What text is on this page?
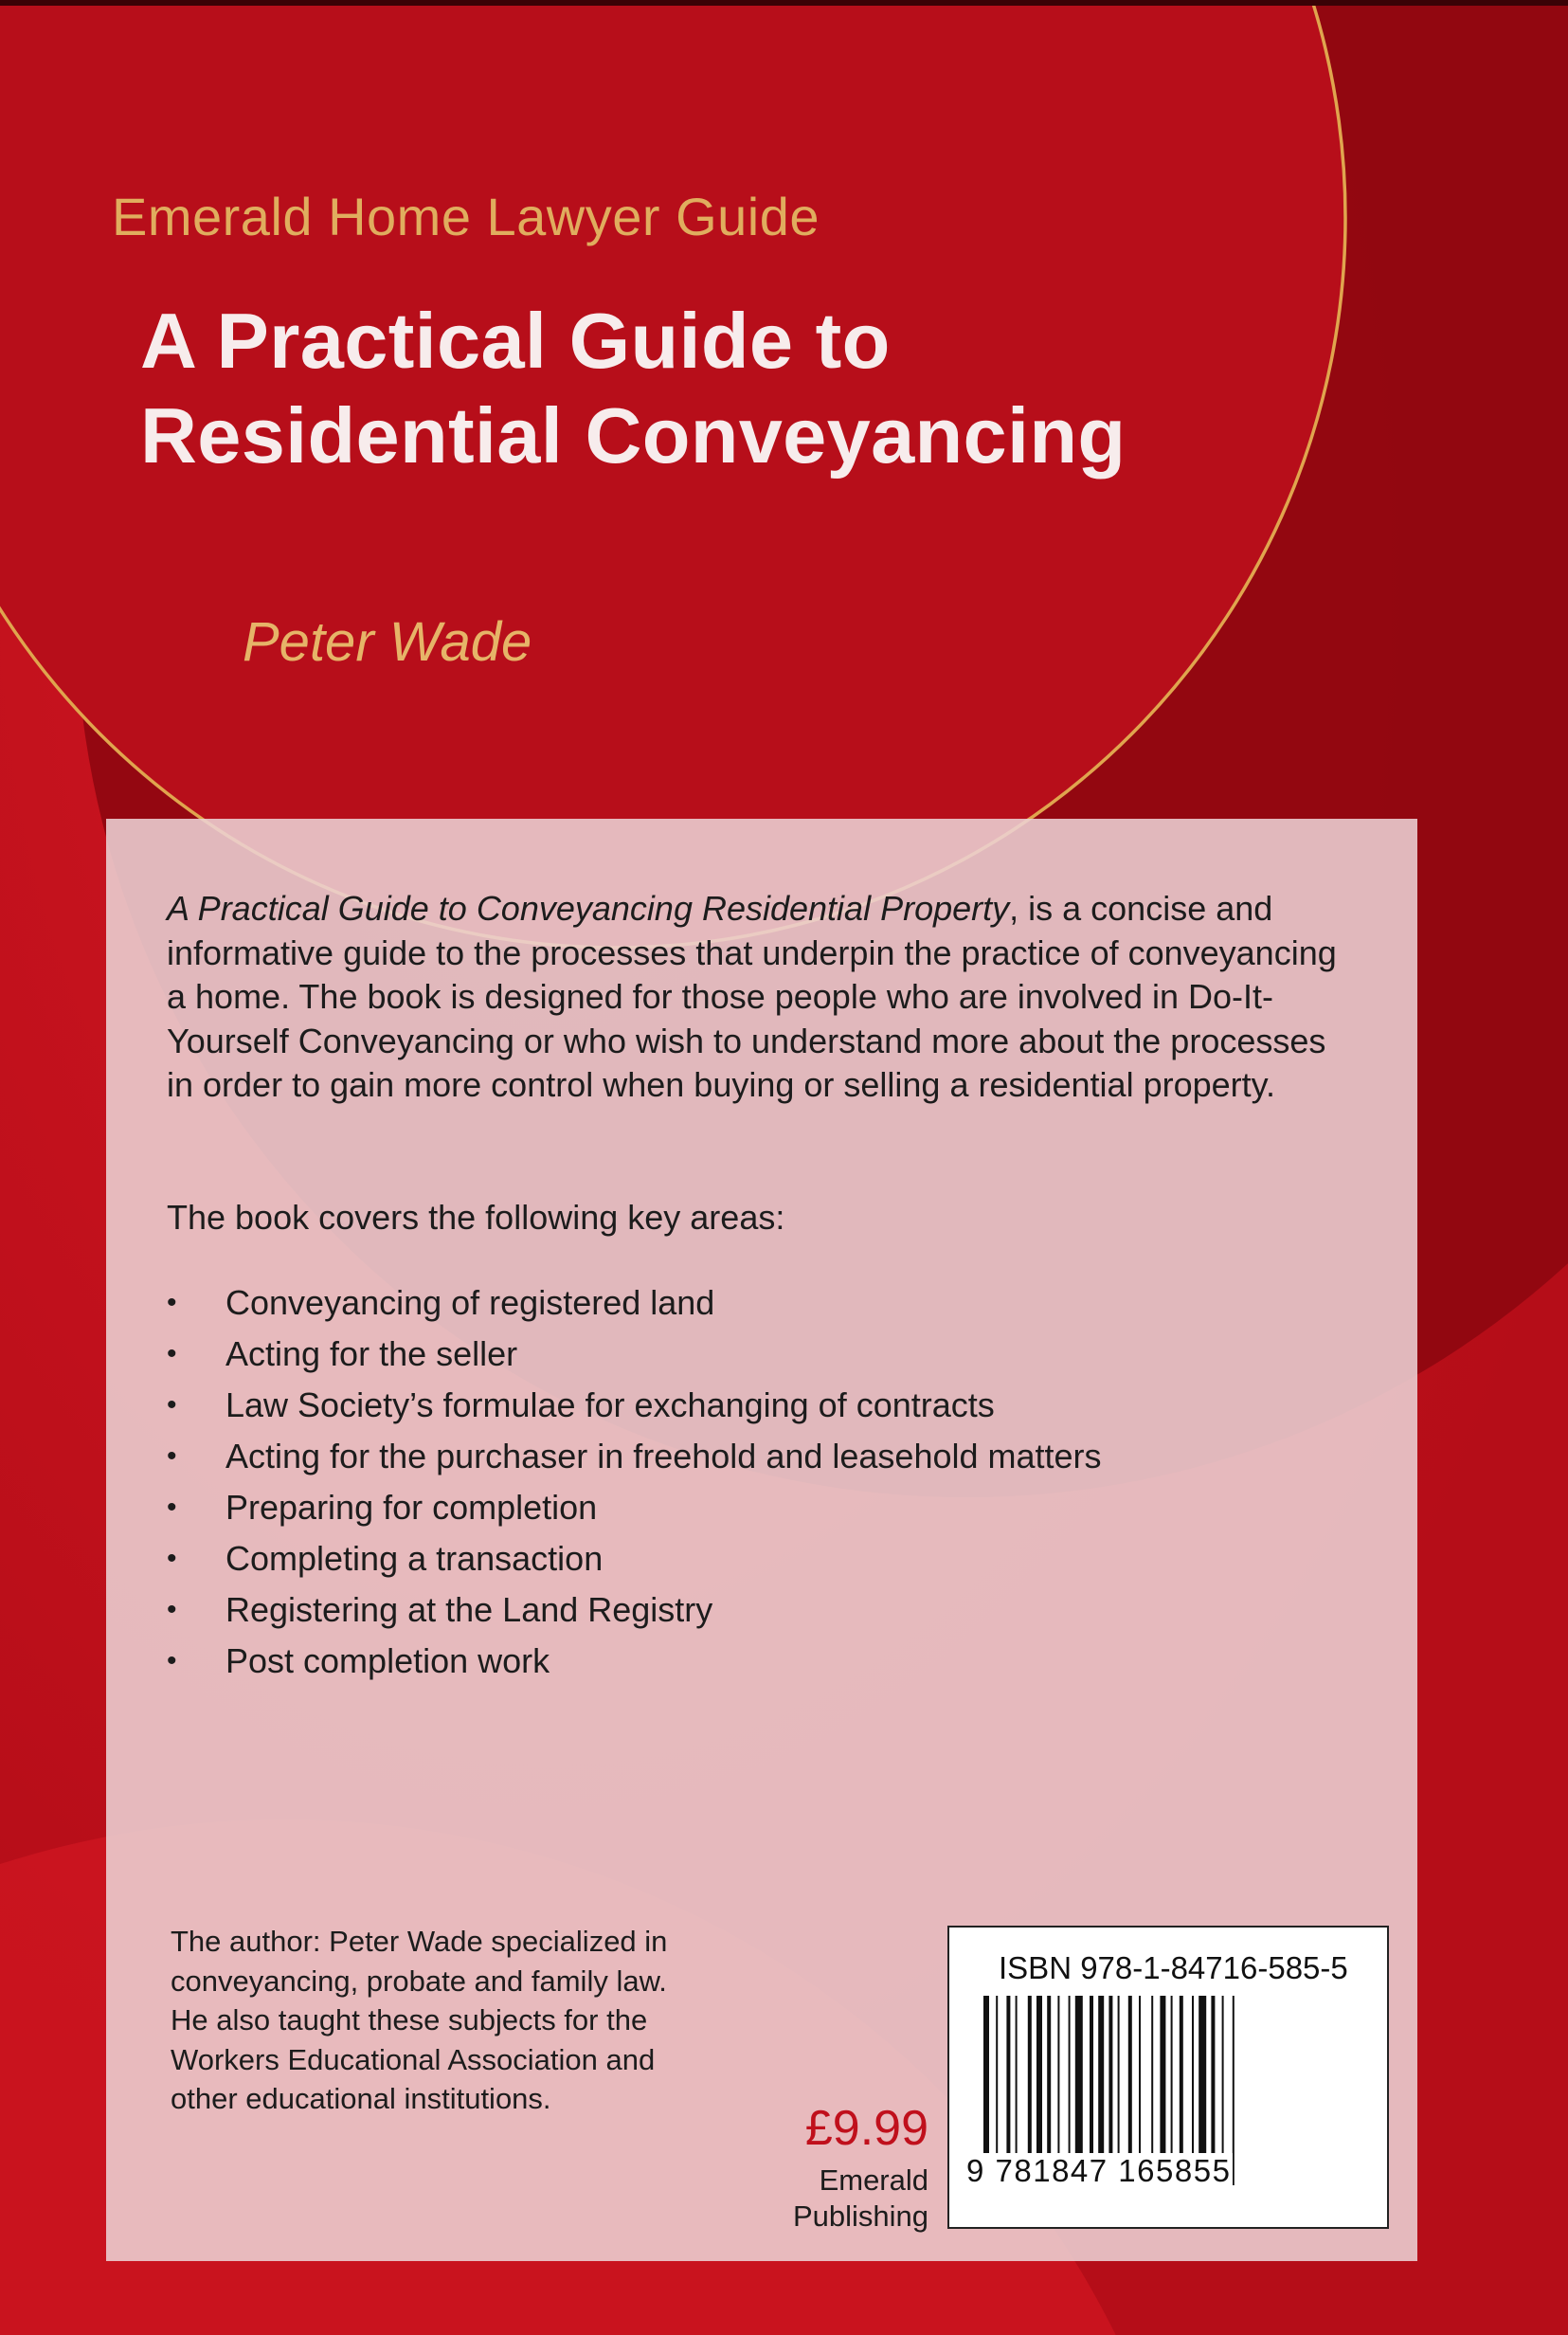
Emerald Home Lawyer Guide
A Practical Guide to
Residential Conveyancing
Peter Wade

A Practical Guide to Conveyancing Residential Property, is a concise and informative guide to the processes that underpin the practice of conveyancing a home. The book is designed for those people who are involved in Do-It-Yourself Conveyancing or who wish to understand more about the processes in order to gain more control when buying or selling a residential property.

The book covers the following key areas:

•	Conveyancing of registered land
•	Acting for the seller
•	Law Society’s formulae for exchanging of contracts
•	Acting for the purchaser in freehold and leasehold matters
•	Preparing for completion
•	Completing a transaction
•	Registering at the Land Registry
•	Post completion work

The author: Peter Wade specialized in conveyancing, probate and family law. He also taught these subjects for the Workers Educational Association and other educational institutions.

£9.99
Emerald
Publishing
ISBN 978-1-84716-585-5
9 781847 165855
